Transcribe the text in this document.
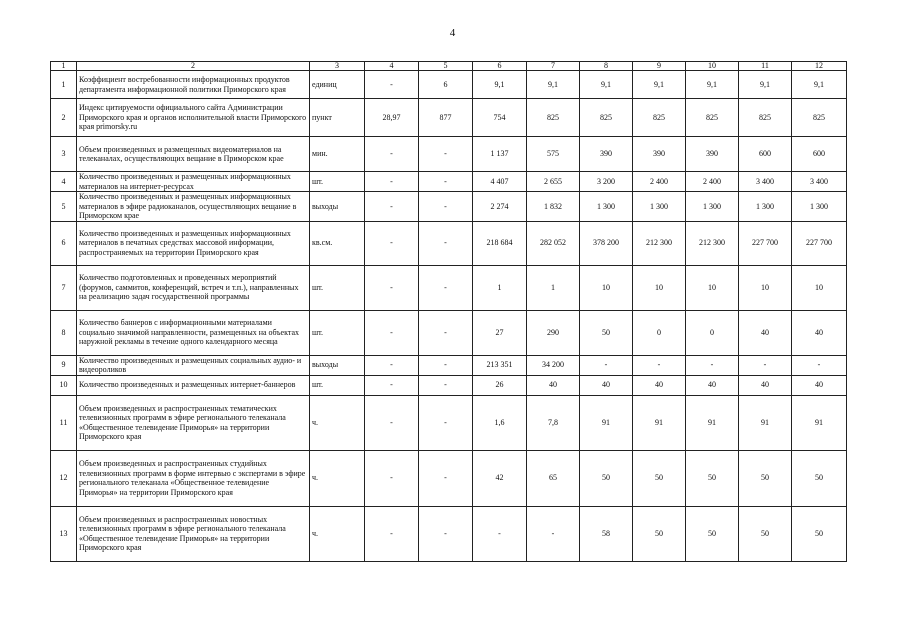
4
1	2	3	4	5	6	7	8	9	10	11	12
1	Коэффициент востребованности информационных продуктов департамента информационной политики Приморского края	единиц	-	6	9,1	9,1	9,1	9,1	9,1	9,1	9,1
2	Индекс цитируемости официального сайта Администрации Приморского края и органов исполнительной власти Приморского края primorsky.ru	пункт	28,97	877	754	825	825	825	825	825	825
3	Объем произведенных и размещенных видеоматериалов на телеканалах, осуществляющих вещание в Приморском крае	мин.	-	-	1 137	575	390	390	390	600	600
4	Количество произведенных и размещенных информационных материалов на интернет-ресурсах	шт.	-	-	4 407	2 655	3 200	2 400	2 400	3 400	3 400
5	Количество произведенных и размещенных информационных материалов в эфире радиоканалов, осуществляющих вещание в Приморском крае	выходы	-	-	2 274	1 832	1 300	1 300	1 300	1 300	1 300
6	Количество произведенных и размещенных информационных материалов в печатных средствах массовой информации, распространяемых на территории Приморского края	кв.см.	-	-	218 684	282 052	378 200	212 300	212 300	227 700	227 700
7	Количество подготовленных и проведенных мероприятий (форумов, саммитов, конференций, встреч и т.п.), направленных на реализацию задач государственной программы	шт.	-	-	1	1	10	10	10	10	10
8	Количество баннеров с информационными материалами социально значимой направленности, размещенных на объектах наружной рекламы в течение одного календарного месяца	шт.	-	-	27	290	50	0	0	40	40
9	Количество произведенных и размещенных социальных аудио- и видеороликов	выходы	-	-	213 351	34 200	-	-	-	-	-
10	Количество произведенных и размещенных интернет-баннеров	шт.	-	-	26	40	40	40	40	40	40
11	Объем произведенных и распространенных тематических телевизионных программ в эфире регионального телеканала «Общественное телевидение Приморья» на территории Приморского края	ч.	-	-	1,6	7,8	91	91	91	91	91
12	Объем произведенных и распространенных студийных телевизионных программ в форме интервью с экспертами в эфире регионального телеканала «Общественное телевидение Приморья» на территории Приморского края	ч.	-	-	42	65	50	50	50	50	50
13	Объем произведенных и распространенных новостных телевизионных программ в эфире регионального телеканала «Общественное телевидение Приморья» на территории Приморского края	ч.	-	-	-	-	58	50	50	50	50
